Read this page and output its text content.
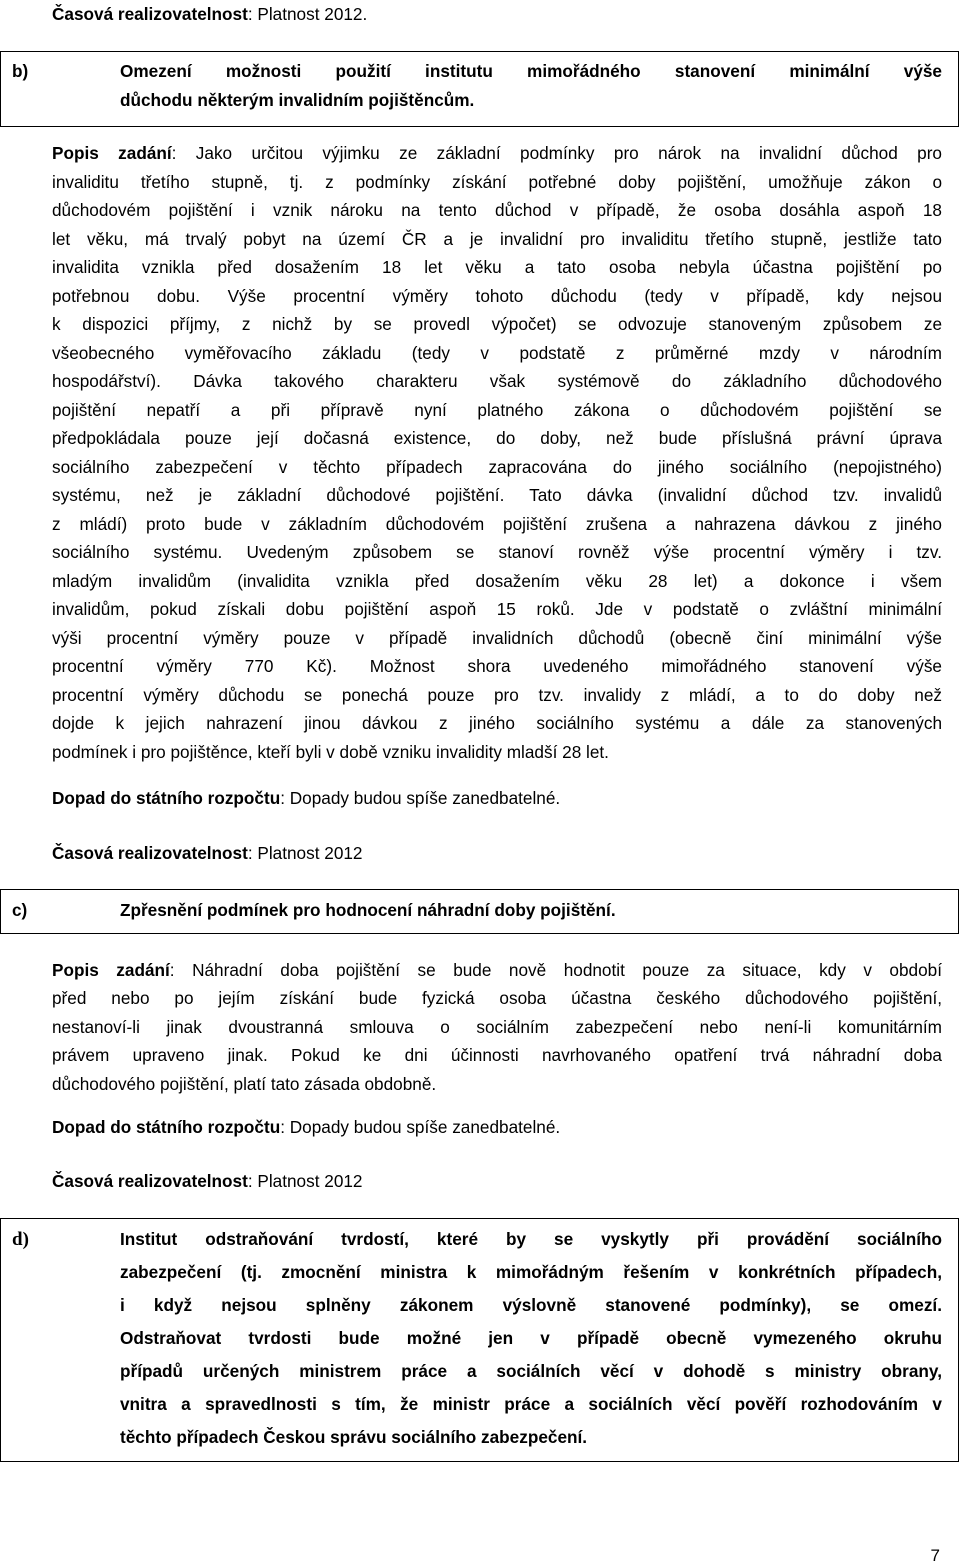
Časová realizovatelnost: Platnost 2012.
b)	Omezení možnosti použití institutu mimořádného stanovení minimální výše
důchodu některým invalidním pojištěncům.
Popis zadání: Jako určitou výjimku ze základní podmínky pro nárok na invalidní důchod pro
invaliditu třetího stupně, tj. z podmínky získání potřebné doby pojištění, umožňuje zákon o
důchodovém pojištění i vznik nároku na tento důchod v případě, že osoba dosáhla aspoň 18
let věku, má trvalý pobyt na území ČR a je invalidní pro invaliditu třetího stupně, jestliže tato
invalidita vznikla před dosažením 18 let věku a tato osoba nebyla účastna pojištění po
potřebnou dobu. Výše procentní výměry tohoto důchodu (tedy v případě, kdy nejsou
k dispozici příjmy, z nichž by se provedl výpočet) se odvozuje stanoveným způsobem ze
všeobecného vyměřovacího základu (tedy v podstatě z průměrné mzdy v národním
hospodářství). Dávka takového charakteru však systémově do základního důchodového
pojištění nepatří a při přípravě nyní platného zákona o důchodovém pojištění se
předpokládala pouze její dočasná existence, do doby, než bude příslušná právní úprava
sociálního zabezpečení v těchto případech zapracována do jiného sociálního (nepojistného)
systému, než je základní důchodové pojištění. Tato dávka (invalidní důchod tzv. invalidů
z mládí) proto bude v základním důchodovém pojištění zrušena a nahrazena dávkou z jiného
sociálního systému. Uvedeným způsobem se stanoví rovněž výše procentní výměry i tzv.
mladým invalidům (invalidita vznikla před dosažením věku 28 let) a dokonce i všem
invalidům, pokud získali dobu pojištění aspoň 15 roků. Jde v podstatě o zvláštní minimální
výši procentní výměry pouze v případě invalidních důchodů (obecně činí minimální výše
procentní výměry 770 Kč). Možnost shora uvedeného mimořádného stanovení výše
procentní výměry důchodu se ponechá pouze pro tzv. invalidy z mládí, a to do doby než
dojde k jejich nahrazení jinou dávkou z jiného sociálního systému a dále za stanovených
podmínek i pro pojištěnce, kteří byli v době vzniku invalidity mladší 28 let.
Dopad do státního rozpočtu: Dopady budou spíše zanedbatelné.
Časová realizovatelnost: Platnost 2012
c)	Zpřesnění podmínek pro hodnocení náhradní doby pojištění.
Popis zadání: Náhradní doba pojištění se bude nově hodnotit pouze za situace, kdy v období
před nebo po jejím získání bude fyzická osoba účastna českého důchodového pojištění,
nestanoví-li jinak dvoustranná smlouva o sociálním zabezpečení nebo není-li komunitárním
právem upraveno jinak. Pokud ke dni účinnosti navrhovaného opatření trvá náhradní doba
důchodového pojištění, platí tato zásada obdobně.
Dopad do státního rozpočtu: Dopady budou spíše zanedbatelné.
Časová realizovatelnost: Platnost 2012
d)	Institut odstraňování tvrdostí, které by se vyskytly při provádění sociálního
zabezpečení (tj. zmocnění ministra k mimořádným řešením v konkrétních případech,
i když nejsou splněny zákonem výslovně stanovené podmínky), se omezí.
Odstraňovat tvrdosti bude možné jen v případě obecně vymezeného okruhu
případů určených ministrem práce a sociálních věcí v dohodě s ministry obrany,
vnitra a spravedlnosti s tím, že ministr práce a sociálních věcí pověří rozhodováním v
těchto případech Českou správu sociálního zabezpečení.
7
